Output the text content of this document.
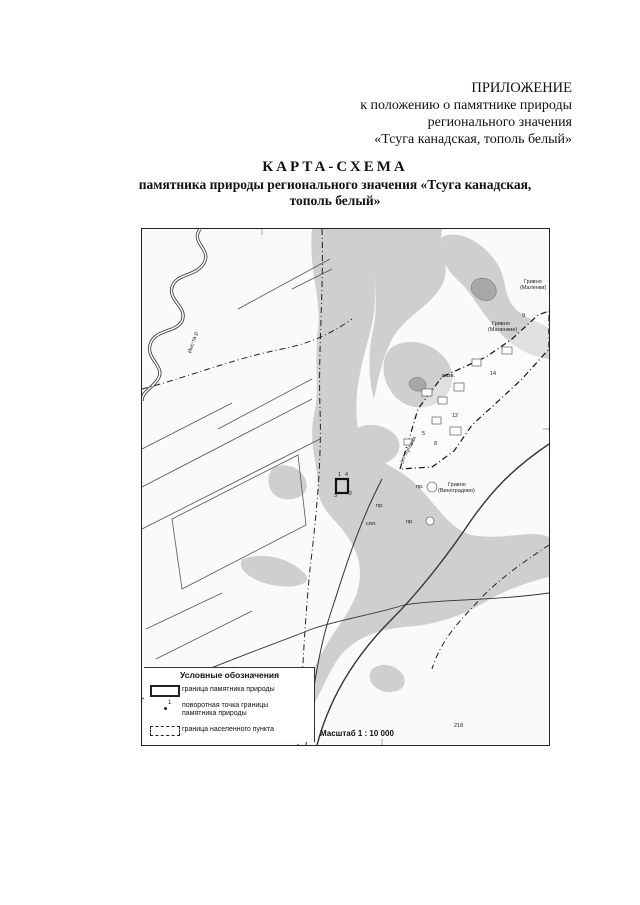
ПРИЛОЖЕНИЕ
к положению о памятнике природы
регионального значения
«Тсуга канадская, тополь белый»
КАРТА-СХЕМА
памятника природы регионального значения «Тсуга канадская,
тополь белый»
Гривно
(Маленки)
Гривно
(Маленкие)
разв.
ул. Луговая
Гривно
(Виноградово)
пр.
пр.
пр.
сил.
Инс-та р.
218
1
2
3
4
5
8
9
12
14
Условные обозначения
граница памятника природы
1 поворотная точка границы
памятника природы
граница населенного пункта	Масштаб 1 : 10 000
